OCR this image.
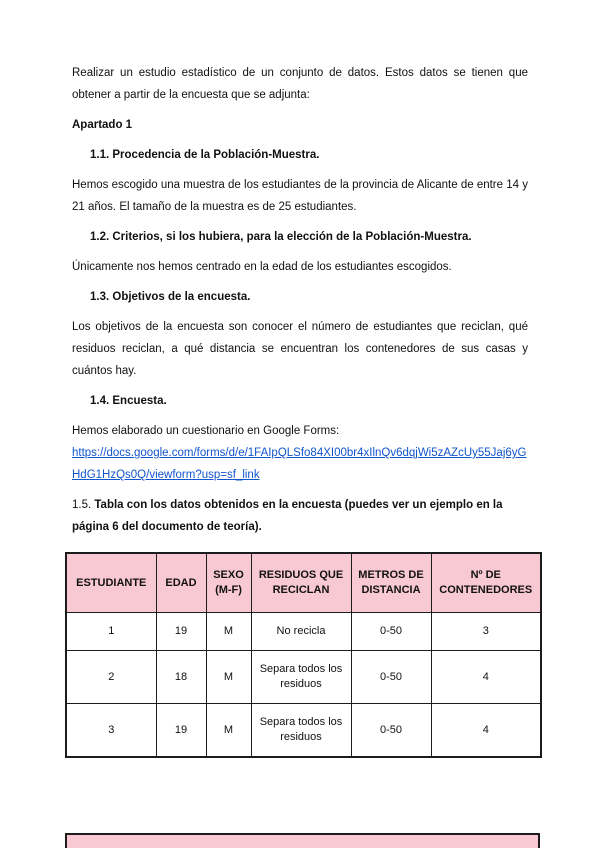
Realizar un estudio estadístico de un conjunto de datos. Estos datos se tienen que obtener a partir de la encuesta que se adjunta:

Apartado 1

1.1. Procedencia de la Población-Muestra.

Hemos escogido una muestra de los estudiantes de la provincia de Alicante de entre 14 y 21 años. El tamaño de la muestra es de 25 estudiantes.

1.2. Criterios, si los hubiera, para la elección de la Población-Muestra.

Únicamente nos hemos centrado en la edad de los estudiantes escogidos.

1.3. Objetivos de la encuesta.

Los objetivos de la encuesta son conocer el número de estudiantes que reciclan, qué residuos reciclan, a qué distancia se encuentran los contenedores de sus casas y cuántos hay.

1.4. Encuesta.

Hemos elaborado un cuestionario en Google Forms:

https://docs.google.com/forms/d/e/1FAIpQLSfo84XI00br4xIlnQv6dqjWi5zAZcUy55Jaj6yGHdG1HzQs0Q/viewform?usp=sf_link

1.5. Tabla con los datos obtenidos en la encuesta (puedes ver un ejemplo en la página 6 del documento de teoría).

ESTUDIANTE	EDAD	SEXO (M-F)	RESIDUOS QUE RECICLAN	METROS DE DISTANCIA	Nº DE CONTENEDORES
1	19	M	No recicla	0-50	3
2	18	M	Separa todos los residuos	0-50	4
3	19	M	Separa todos los residuos	0-50	4
